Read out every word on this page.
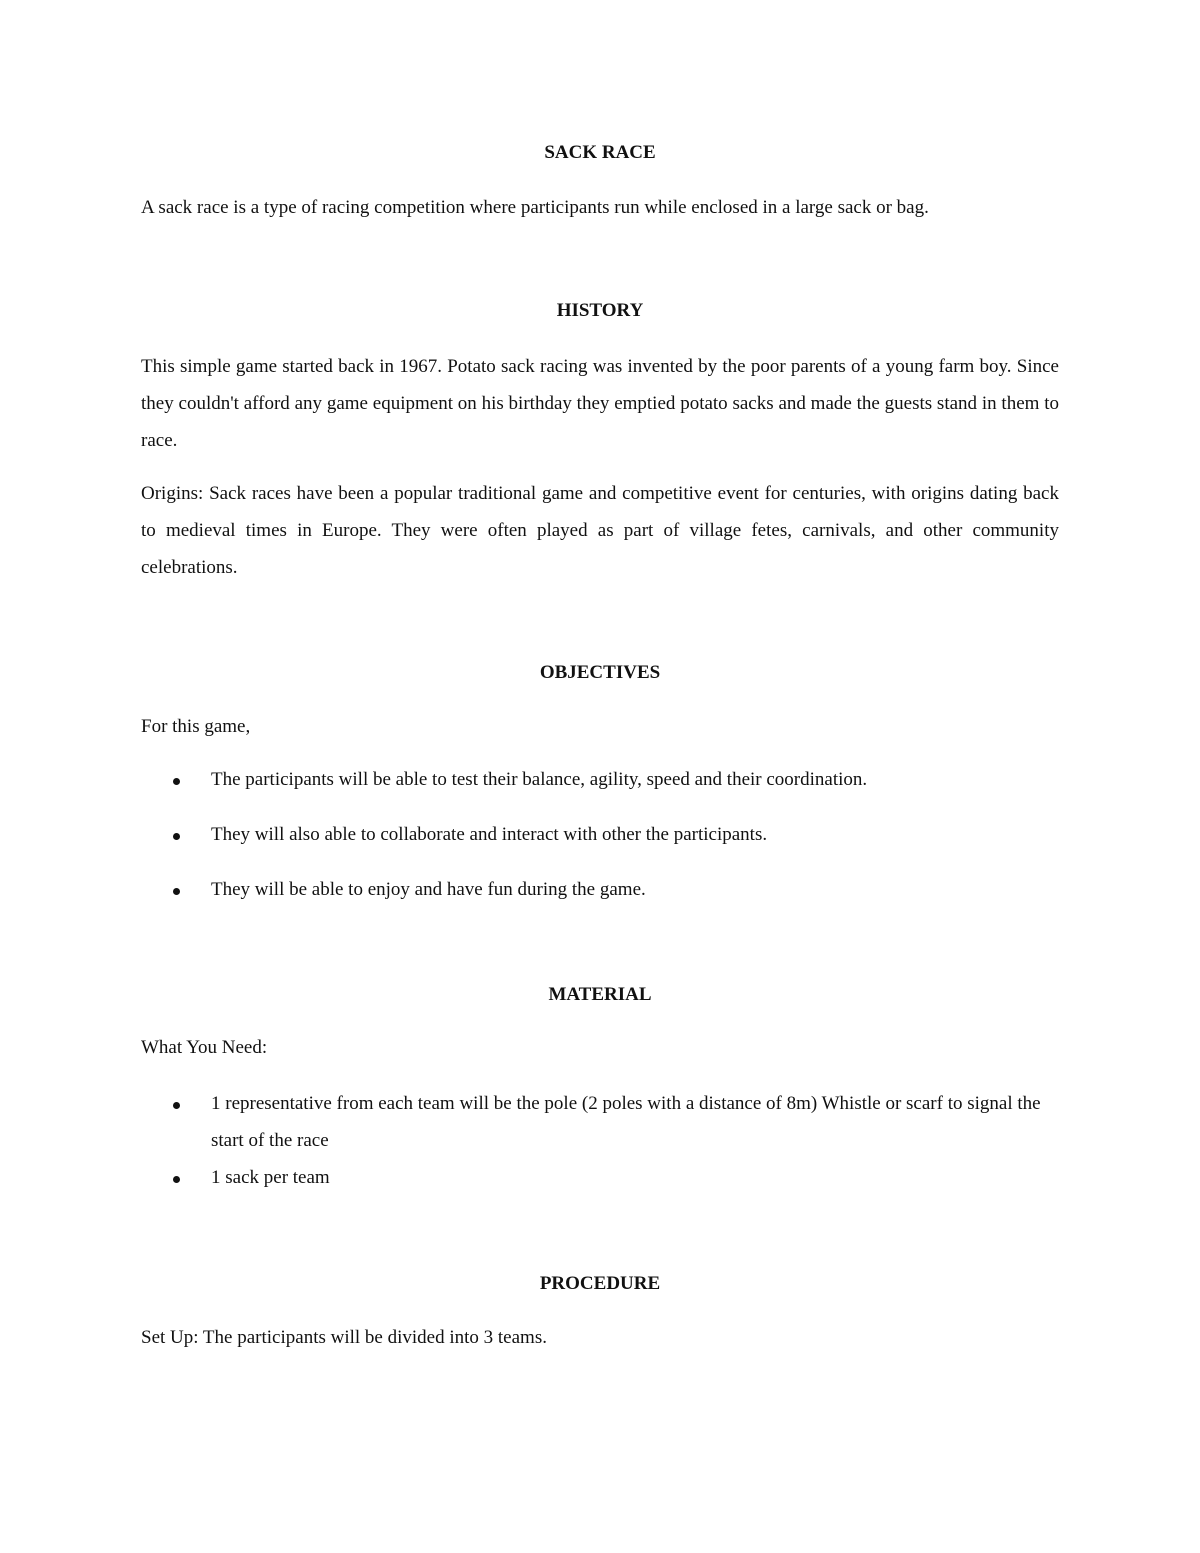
SACK RACE

A sack race is a type of racing competition where participants run while enclosed in a large sack or bag.

HISTORY

This simple game started back in 1967. Potato sack racing was invented by the poor parents of a young farm boy. Since they couldn't afford any game equipment on his birthday they emptied potato sacks and made the guests stand in them to race.

Origins: Sack races have been a popular traditional game and competitive event for centuries, with origins dating back to medieval times in Europe. They were often played as part of village fetes, carnivals, and other community celebrations.

OBJECTIVES

For this game,

The participants will be able to test their balance, agility, speed and their coordination.

They will also able to collaborate and interact with other the participants.

They will be able to enjoy and have fun during the game.

MATERIAL

What You Need:

1 representative from each team will be the pole (2 poles with a distance of 8m) Whistle or scarf to signal the start of the race

1 sack per team

PROCEDURE

Set Up: The participants will be divided into 3 teams.
